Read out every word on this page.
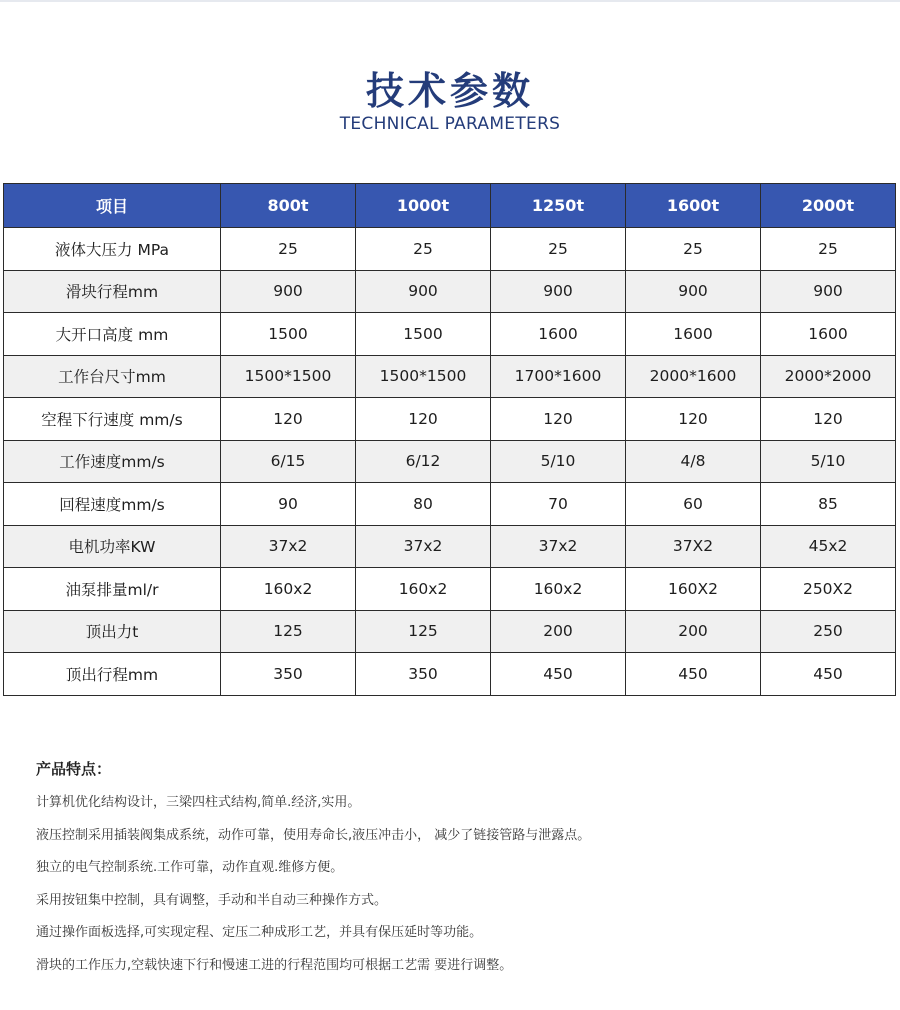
技术参数
TECHNICAL PARAMETERS
项目	800t	1000t	1250t	1600t	2000t
液体大压力 MPa	25	25	25	25	25
滑块行程mm	900	900	900	900	900
大开口高度 mm	1500	1500	1600	1600	1600
工作台尺寸mm	1500*1500	1500*1500	1700*1600	2000*1600	2000*2000
空程下行速度 mm/s	120	120	120	120	120
工作速度mm/s	6/15	6/12	5/10	4/8	5/10
回程速度mm/s	90	80	70	60	85
电机功率KW	37x2	37x2	37x2	37X2	45x2
油泵排量ml/r	160x2	160x2	160x2	160X2	250X2
顶出力t	125	125	200	200	250
顶出行程mm	350	350	450	450	450
产品特点：
计算机优化结构设计，三梁四柱式结构,简单.经济,实用。
液压控制采用插装阀集成系统，动作可靠，使用寿命长,液压冲击小， 减少了链接管路与泄露点。
独立的电气控制系统.工作可靠，动作直观.维修方便。
采用按钮集中控制，具有调整，手动和半自动三种操作方式。
通过操作面板选择,可实现定程、定压二种成形工艺，并具有保压延时等功能。
滑块的工作压力,空载快速下行和慢速工进的行程范围均可根据工艺需 要进行调整。
